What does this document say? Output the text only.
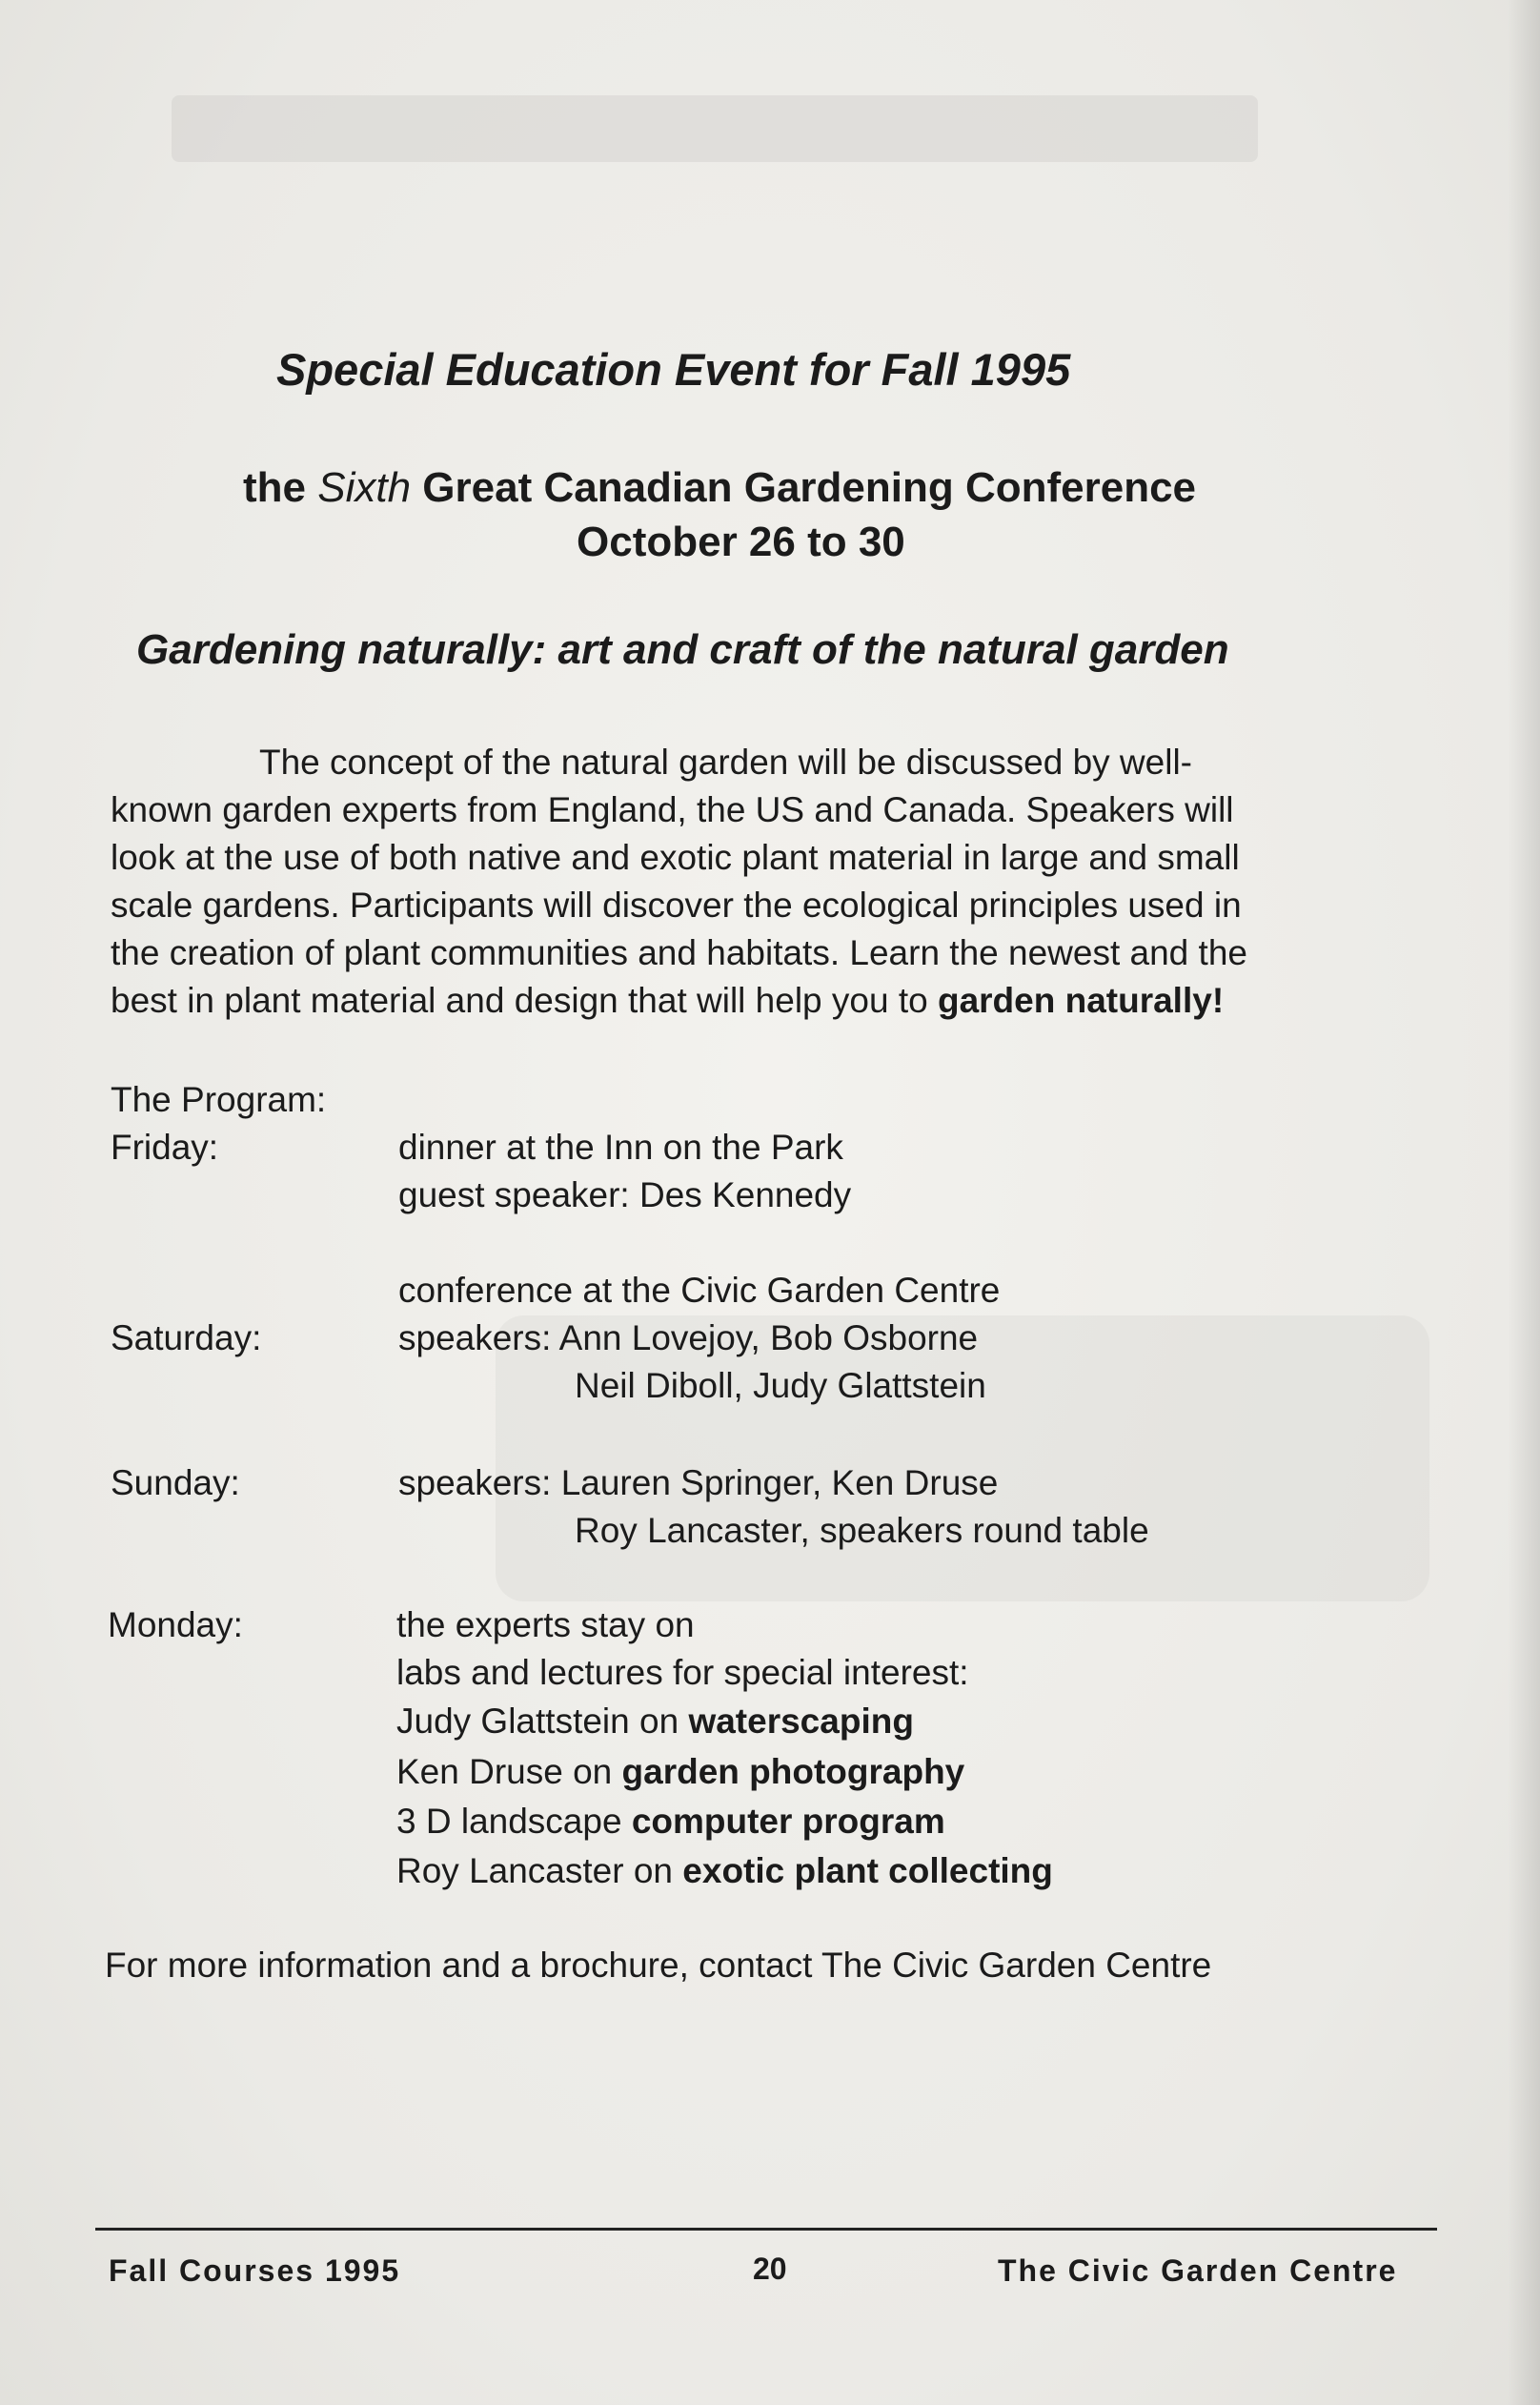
Special Education Event for Fall 1995
the Sixth Great Canadian Gardening Conference
October 26 to 30
Gardening naturally: art and craft of the natural garden
The concept of the natural garden will be discussed by well-
known garden experts from England, the US and Canada. Speakers will
look at the use of both native and exotic plant material in large and small
scale gardens. Participants will discover the ecological principles used in
the creation of plant communities and habitats. Learn the newest and the
best in plant material and design that will help you to garden naturally!
The Program:
Friday:	dinner at the Inn on the Park
guest speaker: Des Kennedy
conference at the Civic Garden Centre
Saturday:	speakers: Ann Lovejoy, Bob Osborne
Neil Diboll, Judy Glattstein
Sunday:	speakers: Lauren Springer, Ken Druse
Roy Lancaster, speakers round table
Monday:	the experts stay on
labs and lectures for special interest:
Judy Glattstein on waterscaping
Ken Druse on garden photography
3 D landscape computer program
Roy Lancaster on exotic plant collecting
For more information and a brochure, contact The Civic Garden Centre
Fall Courses 1995	20	The Civic Garden Centre
